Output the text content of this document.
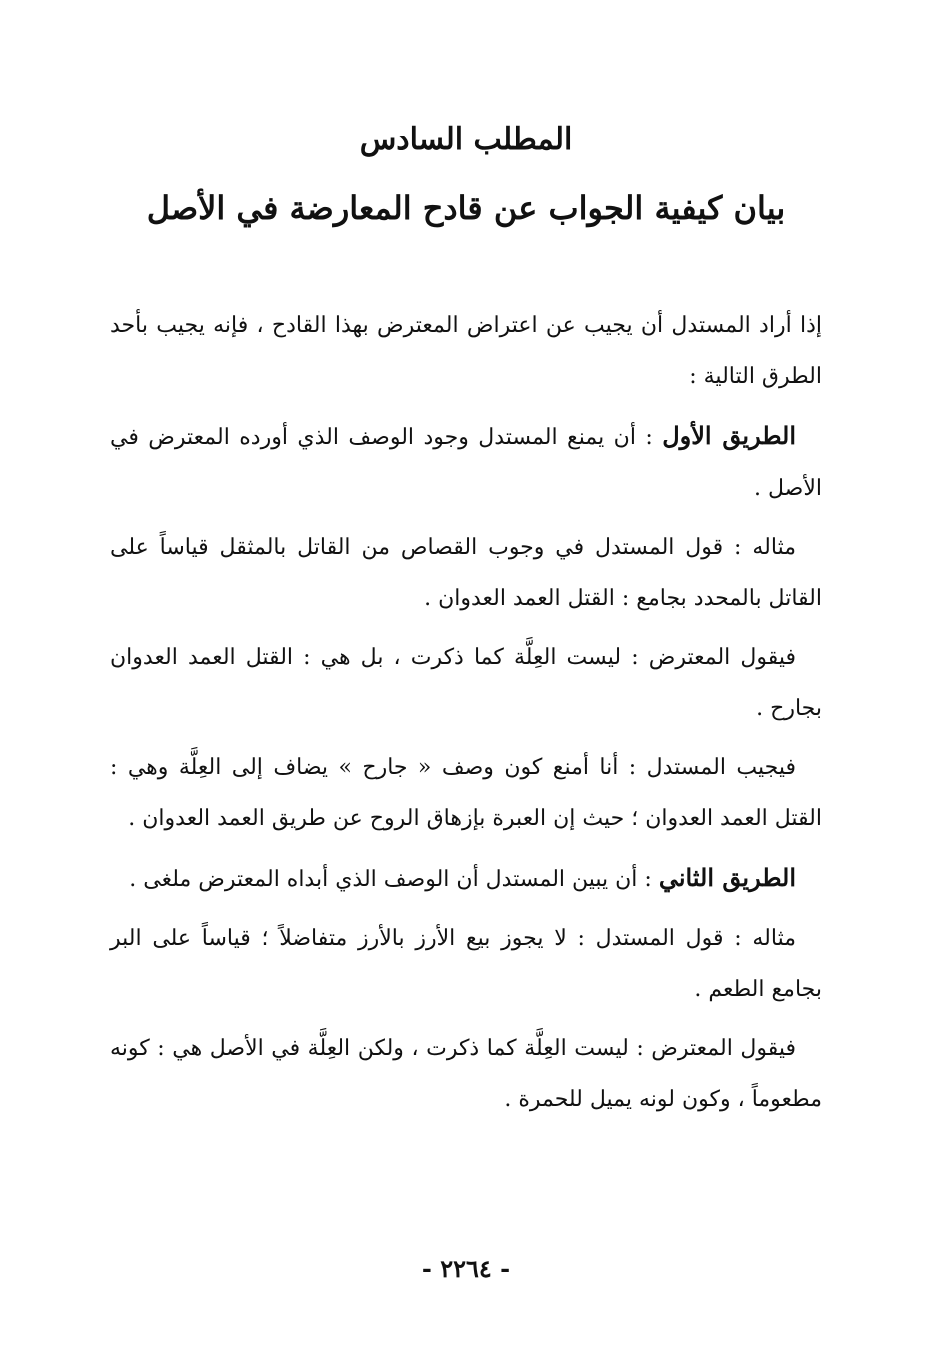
المطلب السادس
بيان كيفية الجواب عن قادح المعارضة في الأصل

إذا أراد المستدل أن يجيب عن اعتراض المعترض بهذا القادح ، فإنه يجيب بأحد الطرق التالية :

الطريق الأول : أن يمنع المستدل وجود الوصف الذي أورده المعترض في الأصل .

مثاله : قول المستدل في وجوب القصاص من القاتل بالمثقل قياساً على القاتل بالمحدد بجامع : القتل العمد العدوان .

فيقول المعترض : ليست العِلَّة كما ذكرت ، بل هي : القتل العمد العدوان بجارح .

فيجيب المستدل : أنا أمنع كون وصف « جارح » يضاف إلى العِلَّة وهي : القتل العمد العدوان ؛ حيث إن العبرة بإزهاق الروح عن طريق العمد العدوان .

الطريق الثاني : أن يبين المستدل أن الوصف الذي أبداه المعترض ملغى .

مثاله : قول المستدل : لا يجوز بيع الأرز بالأرز متفاضلاً ؛ قياساً على البر بجامع الطعم .

فيقول المعترض : ليست العِلَّة كما ذكرت ، ولكن العِلَّة في الأصل هي : كونه مطعوماً ، وكون لونه يميل للحمرة .

- ٢٢٦٤ -
